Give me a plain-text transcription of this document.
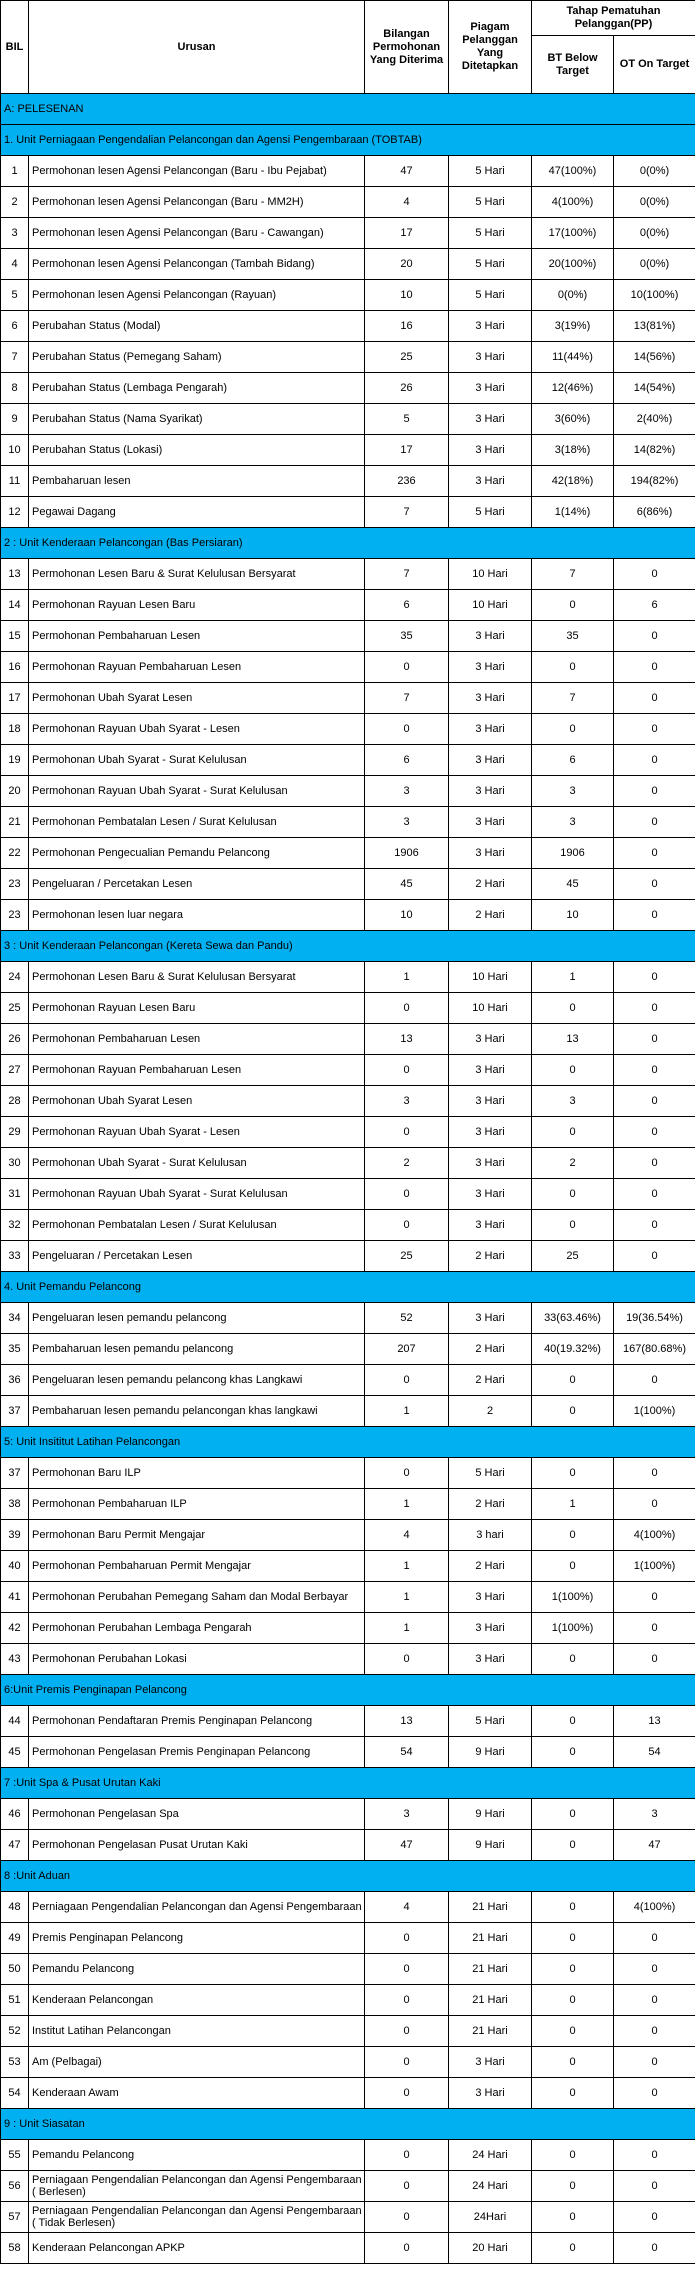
BIL	Urusan	Bilangan Permohonan Yang Diterima	Piagam Pelanggan Yang Ditetapkan	Tahap Pematuhan Pelanggan(PP)	
				BT Below Target	OT On Target
A: PELESENAN					
1. Unit Perniagaan Pengendalian Pelancongan dan Agensi Pengembaraan (TOBTAB)					
1	Permohonan lesen Agensi Pelancongan (Baru - Ibu Pejabat)	47	5 Hari	47(100%)	0(0%)
2	Permohonan lesen Agensi Pelancongan (Baru - MM2H)	4	5 Hari	4(100%)	0(0%)
3	Permohonan lesen Agensi Pelancongan (Baru - Cawangan)	17	5 Hari	17(100%)	0(0%)
4	Permohonan lesen Agensi Pelancongan (Tambah Bidang)	20	5 Hari	20(100%)	0(0%)
5	Permohonan lesen Agensi Pelancongan (Rayuan)	10	5 Hari	0(0%)	10(100%)
6	Perubahan Status (Modal)	16	3 Hari	3(19%)	13(81%)
7	Perubahan Status (Pemegang Saham)	25	3 Hari	11(44%)	14(56%)
8	Perubahan Status (Lembaga Pengarah)	26	3 Hari	12(46%)	14(54%)
9	Perubahan Status (Nama Syarikat)	5	3 Hari	3(60%)	2(40%)
10	Perubahan Status (Lokasi)	17	3 Hari	3(18%)	14(82%)
11	Pembaharuan lesen	236	3 Hari	42(18%)	194(82%)
12	Pegawai Dagang	7	5 Hari	1(14%)	6(86%)
2 : Unit Kenderaan Pelancongan (Bas Persiaran)					
13	Permohonan Lesen Baru & Surat Kelulusan Bersyarat	7	10 Hari	7	0
14	Permohonan Rayuan Lesen Baru	6	10 Hari	0	6
15	Permohonan Pembaharuan Lesen	35	3 Hari	35	0
16	Permohonan Rayuan Pembaharuan Lesen	0	3 Hari	0	0
17	Permohonan Ubah Syarat Lesen	7	3 Hari	7	0
18	Permohonan Rayuan Ubah Syarat - Lesen	0	3 Hari	0	0
19	Permohonan Ubah Syarat - Surat Kelulusan	6	3 Hari	6	0
20	Permohonan Rayuan Ubah Syarat - Surat Kelulusan	3	3 Hari	3	0
21	Permohonan Pembatalan Lesen / Surat Kelulusan	3	3 Hari	3	0
22	Permohonan Pengecualian Pemandu Pelancong	1906	3 Hari	1906	0
23	Pengeluaran / Percetakan Lesen	45	2 Hari	45	0
23	Permohonan lesen luar negara	10	2 Hari	10	0
3 : Unit Kenderaan Pelancongan (Kereta Sewa dan Pandu)					
24	Permohonan Lesen Baru & Surat Kelulusan Bersyarat	1	10 Hari	1	0
25	Permohonan Rayuan Lesen Baru	0	10 Hari	0	0
26	Permohonan Pembaharuan Lesen	13	3 Hari	13	0
27	Permohonan Rayuan Pembaharuan Lesen	0	3 Hari	0	0
28	Permohonan Ubah Syarat Lesen	3	3 Hari	3	0
29	Permohonan Rayuan Ubah Syarat - Lesen	0	3 Hari	0	0
30	Permohonan Ubah Syarat - Surat Kelulusan	2	3 Hari	2	0
31	Permohonan Rayuan Ubah Syarat - Surat Kelulusan	0	3 Hari	0	0
32	Permohonan Pembatalan Lesen / Surat Kelulusan	0	3 Hari	0	0
33	Pengeluaran / Percetakan Lesen	25	2 Hari	25	0
4. Unit Pemandu Pelancong					
34	Pengeluaran lesen pemandu pelancong	52	3 Hari	33(63.46%)	19(36.54%)
35	Pembaharuan lesen pemandu pelancong	207	2 Hari	40(19.32%)	167(80.68%)
36	Pengeluaran lesen pemandu pelancong khas Langkawi	0	2 Hari	0	0
37	Pembaharuan lesen pemandu pelancongan khas langkawi	1	2	0	1(100%)
5: Unit Insititut Latihan Pelancongan					
37	Permohonan Baru ILP	0	5 Hari	0	0
38	Permohonan Pembaharuan ILP	1	2 Hari	1	0
39	Permohonan Baru Permit Mengajar	4	3 hari	0	4(100%)
40	Permohonan Pembaharuan Permit Mengajar	1	2 Hari	0	1(100%)
41	Permohonan Perubahan Pemegang Saham dan Modal Berbayar	1	3 Hari	1(100%)	0
42	Permohonan Perubahan Lembaga Pengarah	1	3 Hari	1(100%)	0
43	Permohonan Perubahan Lokasi	0	3 Hari	0	0
6:Unit Premis Penginapan Pelancong					
44	Permohonan Pendaftaran Premis Penginapan Pelancong	13	5 Hari	0	13
45	Permohonan Pengelasan Premis Penginapan Pelancong	54	9 Hari	0	54
7 :Unit Spa & Pusat Urutan Kaki					
46	Permohonan Pengelasan Spa	3	9 Hari	0	3
47	Permohonan Pengelasan Pusat Urutan Kaki	47	9 Hari	0	47
8 :Unit Aduan					
48	Perniagaan Pengendalian Pelancongan dan Agensi Pengembaraan	4	21 Hari	0	4(100%)
49	Premis Penginapan Pelancong	0	21 Hari	0	0
50	Pemandu Pelancong	0	21 Hari	0	0
51	Kenderaan Pelancongan	0	21 Hari	0	0
52	Institut Latihan Pelancongan	0	21 Hari	0	0
53	Am (Pelbagai)	0	3 Hari	0	0
54	Kenderaan Awam	0	3 Hari	0	0
9 : Unit Siasatan					
55	Pemandu Pelancong	0	24 Hari	0	0
56	Perniagaan Pengendalian Pelancongan dan Agensi Pengembaraan ( Berlesen)	0	24 Hari	0	0
57	Perniagaan Pengendalian Pelancongan dan Agensi Pengembaraan ( Tidak Berlesen)	0	24Hari	0	0
58	Kenderaan Pelancongan APKP	0	20 Hari	0	0
